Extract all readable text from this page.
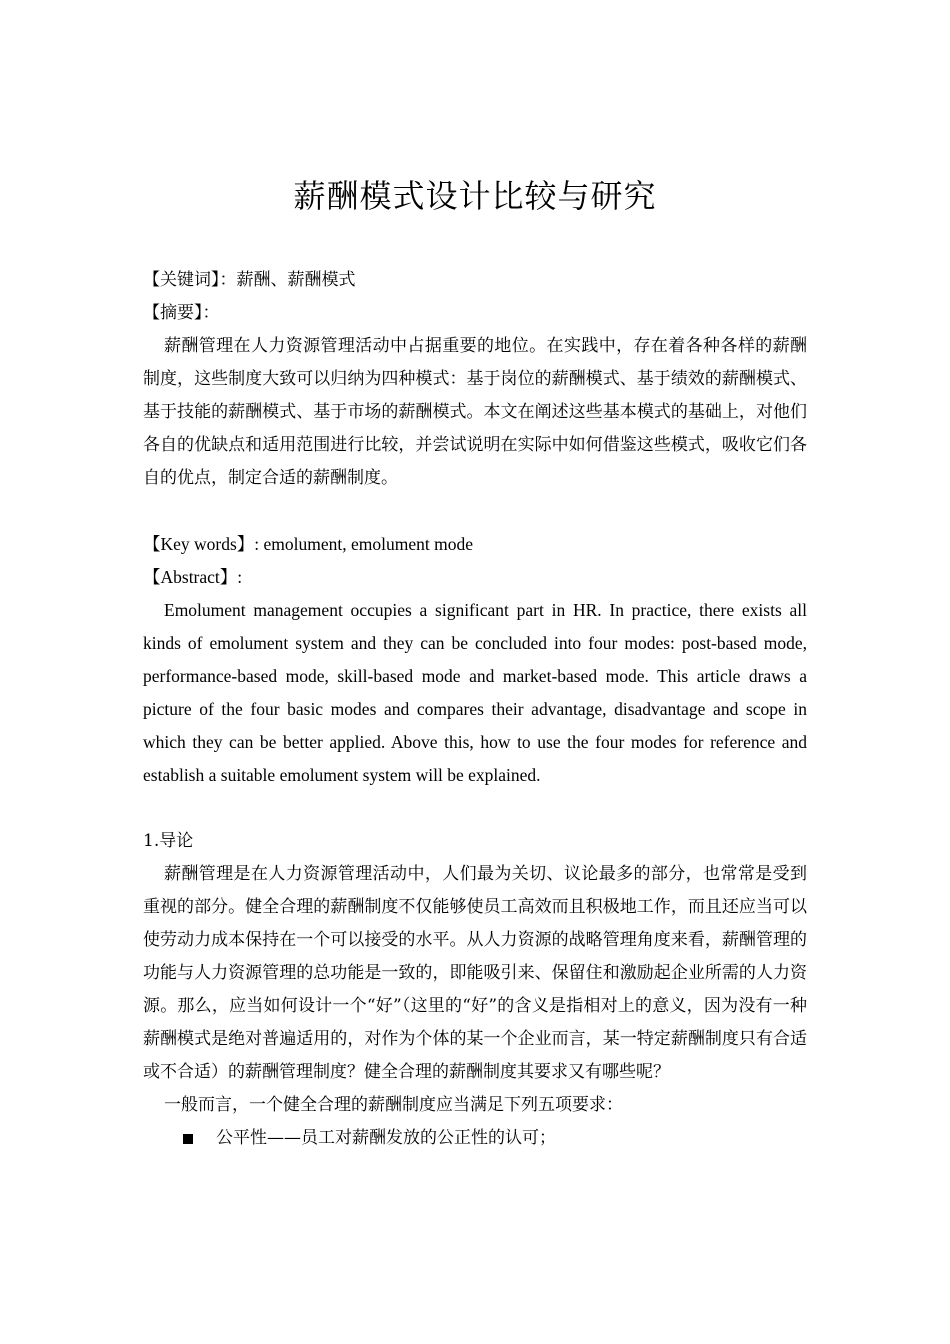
薪酬模式设计比较与研究
【关键词】：薪酬、薪酬模式
【摘要】：
薪酬管理在人力资源管理活动中占据重要的地位。在实践中，存在着各种各样的薪酬制度，这些制度大致可以归纳为四种模式：基于岗位的薪酬模式、基于绩效的薪酬模式、基于技能的薪酬模式、基于市场的薪酬模式。本文在阐述这些基本模式的基础上，对他们各自的优缺点和适用范围进行比较，并尝试说明在实际中如何借鉴这些模式，吸收它们各自的优点，制定合适的薪酬制度。
【Key words】: emolument, emolument mode
【Abstract】:
Emolument management occupies a significant part in HR. In practice, there exists all kinds of emolument system and they can be concluded into four modes: post-based mode, performance-based mode, skill-based mode and market-based mode. This article draws a picture of the four basic modes and compares their advantage, disadvantage and scope in which they can be better applied. Above this, how to use the four modes for reference and establish a suitable emolument system will be explained.
1.导论
薪酬管理是在人力资源管理活动中，人们最为关切、议论最多的部分，也常常是受到重视的部分。健全合理的薪酬制度不仅能够使员工高效而且积极地工作，而且还应当可以使劳动力成本保持在一个可以接受的水平。从人力资源的战略管理角度来看，薪酬管理的功能与人力资源管理的总功能是一致的，即能吸引来、保留住和激励起企业所需的人力资源。那么，应当如何设计一个“好”（这里的“好”的含义是指相对上的意义，因为没有一种薪酬模式是绝对普遍适用的，对作为个体的某一个企业而言，某一特定薪酬制度只有合适或不合适）的薪酬管理制度？健全合理的薪酬制度其要求又有哪些呢？
一般而言，一个健全合理的薪酬制度应当满足下列五项要求：
公平性——员工对薪酬发放的公正性的认可；
